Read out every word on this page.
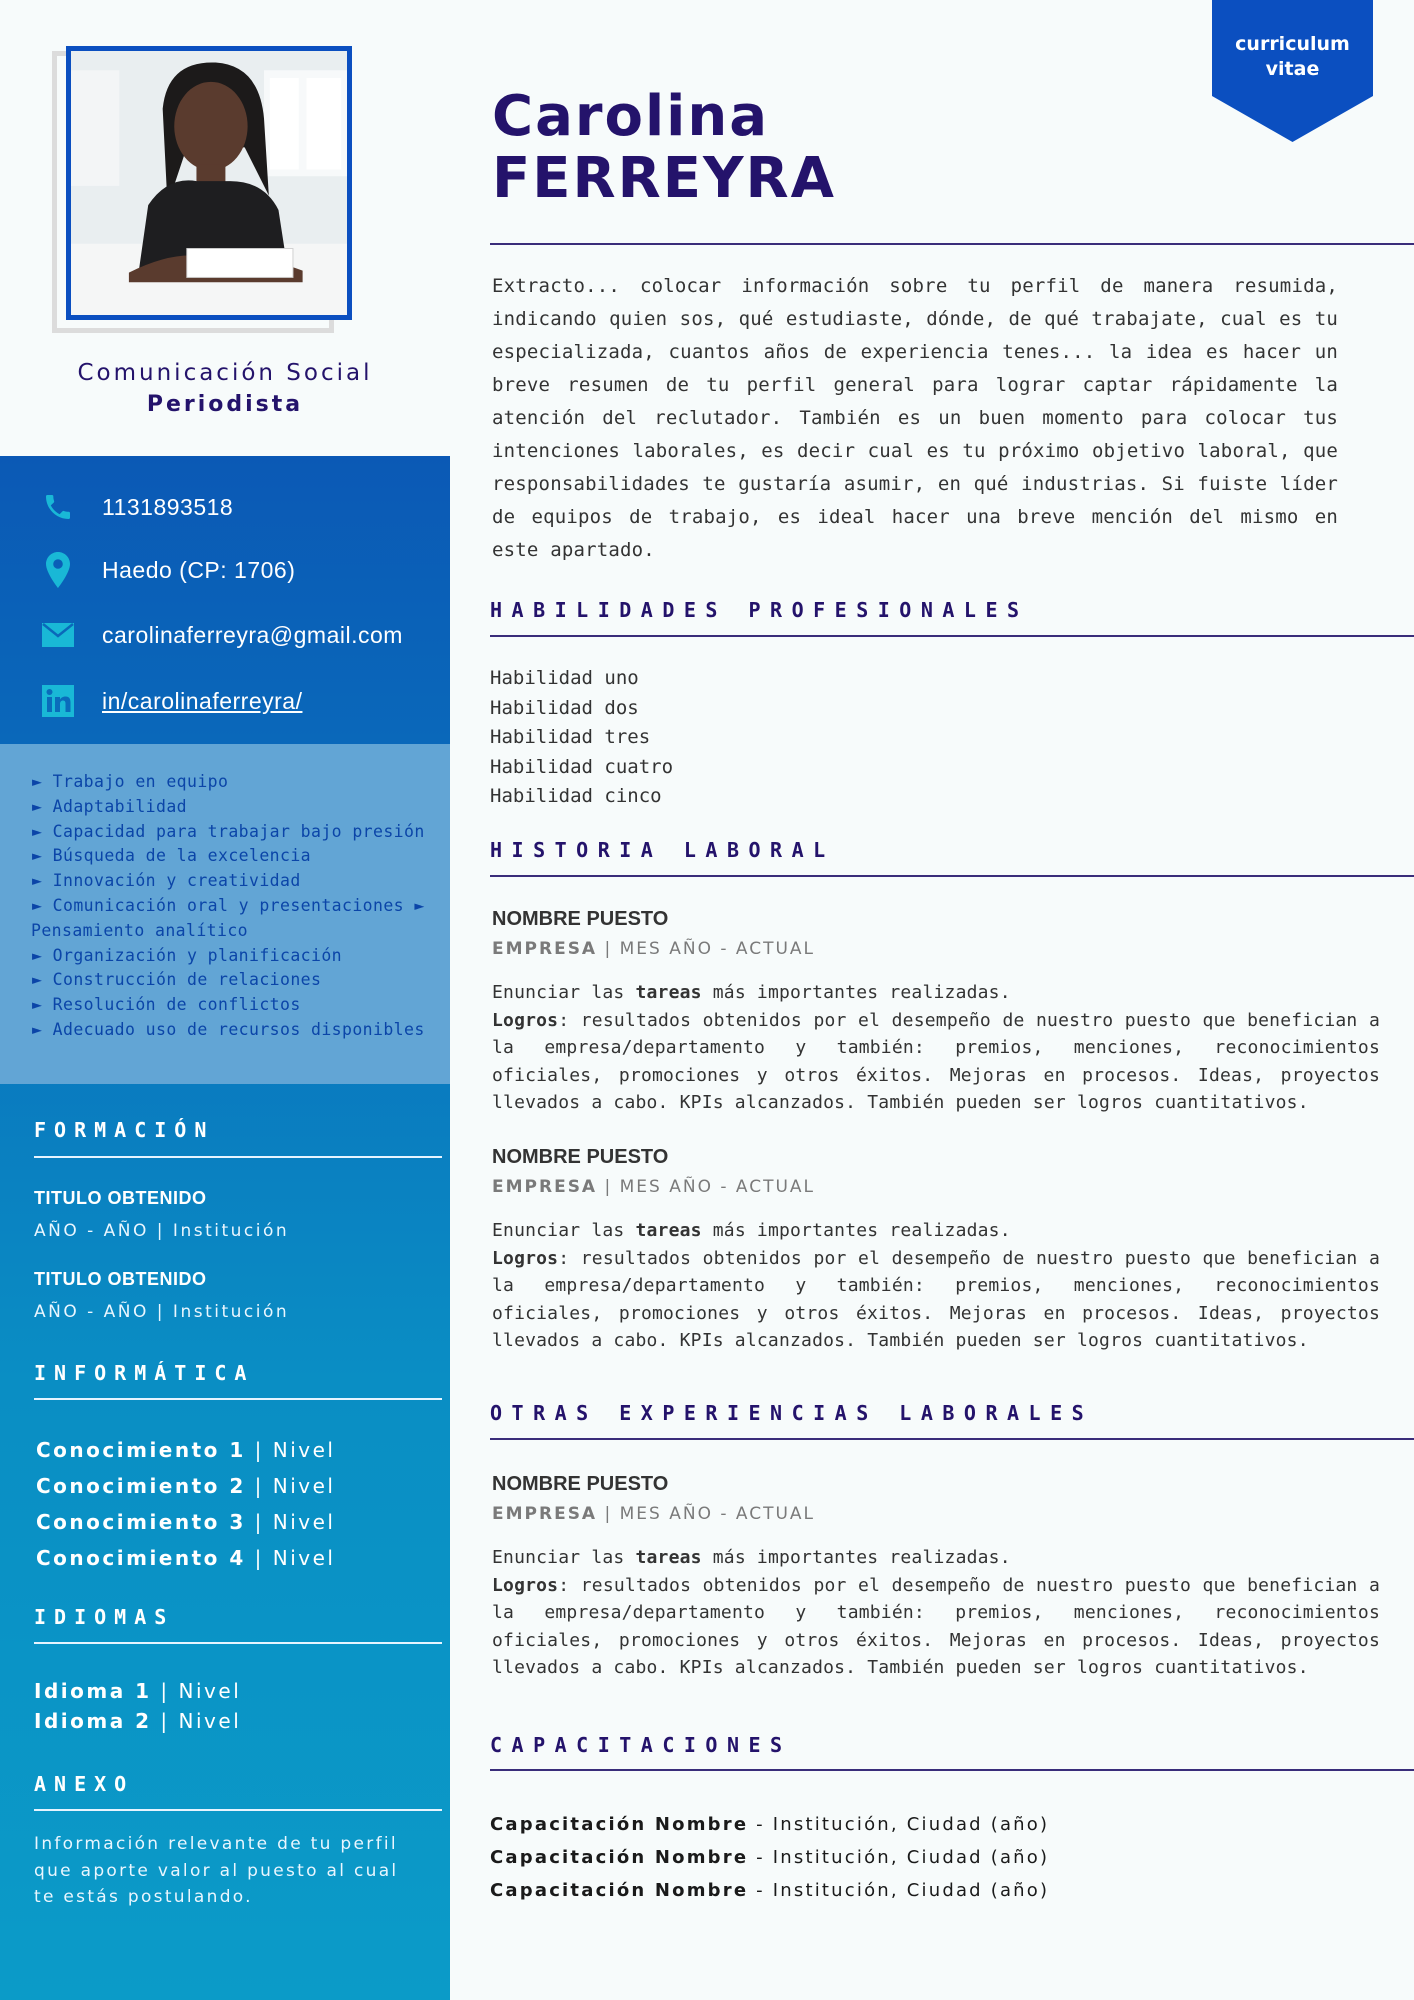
Comunicación Social
Periodista
1131893518
Haedo (CP: 1706)
carolinaferreyra@gmail.com
in/carolinaferreyra/
► Trabajo en equipo
► Adaptabilidad
► Capacidad para trabajar bajo presión
► Búsqueda de la excelencia
► Innovación y creatividad
► Comunicación oral y presentaciones ►
Pensamiento analítico
► Organización y planificación
► Construcción de relaciones
► Resolución de conflictos
► Adecuado uso de recursos disponibles
FORMACIÓN
TITULO OBTENIDO
AÑO - AÑO | Institución
TITULO OBTENIDO
AÑO - AÑO | Institución
INFORMÁTICA
Conocimiento 1 | Nivel
Conocimiento 2 | Nivel
Conocimiento 3 | Nivel
Conocimiento 4 | Nivel
IDIOMAS
Idioma 1 | Nivel
Idioma 2 | Nivel
ANEXO
Información relevante de tu perfil que aporte valor al puesto al cual te estás postulando.
curriculum
vitae
Carolina
FERREYRA
Extracto... colocar información sobre tu perfil de manera resumida, indicando quien sos, qué estudiaste, dónde, de qué trabajate, cual es tu especializada, cuantos años de experiencia tenes... la idea es hacer un breve resumen de tu perfil general para lograr captar rápidamente la atención del reclutador. También es un buen momento para colocar tus intenciones laborales, es decir cual es tu próximo objetivo laboral, que responsabilidades te gustaría asumir, en qué industrias. Si fuiste líder de equipos de trabajo, es ideal hacer una breve mención del mismo en este apartado.
HABILIDADES PROFESIONALES
Habilidad uno
Habilidad dos
Habilidad tres
Habilidad cuatro
Habilidad cinco
HISTORIA LABORAL
NOMBRE PUESTO
EMPRESA | MES AÑO - ACTUAL
Enunciar las tareas más importantes realizadas.
Logros: resultados obtenidos por el desempeño de nuestro puesto que benefician a la empresa/departamento y también: premios, menciones, reconocimientos oficiales, promociones y otros éxitos. Mejoras en procesos. Ideas, proyectos llevados a cabo. KPIs alcanzados. También pueden ser logros cuantitativos.
NOMBRE PUESTO
EMPRESA | MES AÑO - ACTUAL
Enunciar las tareas más importantes realizadas.
Logros: resultados obtenidos por el desempeño de nuestro puesto que benefician a la empresa/departamento y también: premios, menciones, reconocimientos oficiales, promociones y otros éxitos. Mejoras en procesos. Ideas, proyectos llevados a cabo. KPIs alcanzados. También pueden ser logros cuantitativos.
OTRAS EXPERIENCIAS LABORALES
NOMBRE PUESTO
EMPRESA | MES AÑO - ACTUAL
Enunciar las tareas más importantes realizadas.
Logros: resultados obtenidos por el desempeño de nuestro puesto que benefician a la empresa/departamento y también: premios, menciones, reconocimientos oficiales, promociones y otros éxitos. Mejoras en procesos. Ideas, proyectos llevados a cabo. KPIs alcanzados. También pueden ser logros cuantitativos.
CAPACITACIONES
Capacitación Nombre - Institución, Ciudad (año)
Capacitación Nombre - Institución, Ciudad (año)
Capacitación Nombre - Institución, Ciudad (año)
